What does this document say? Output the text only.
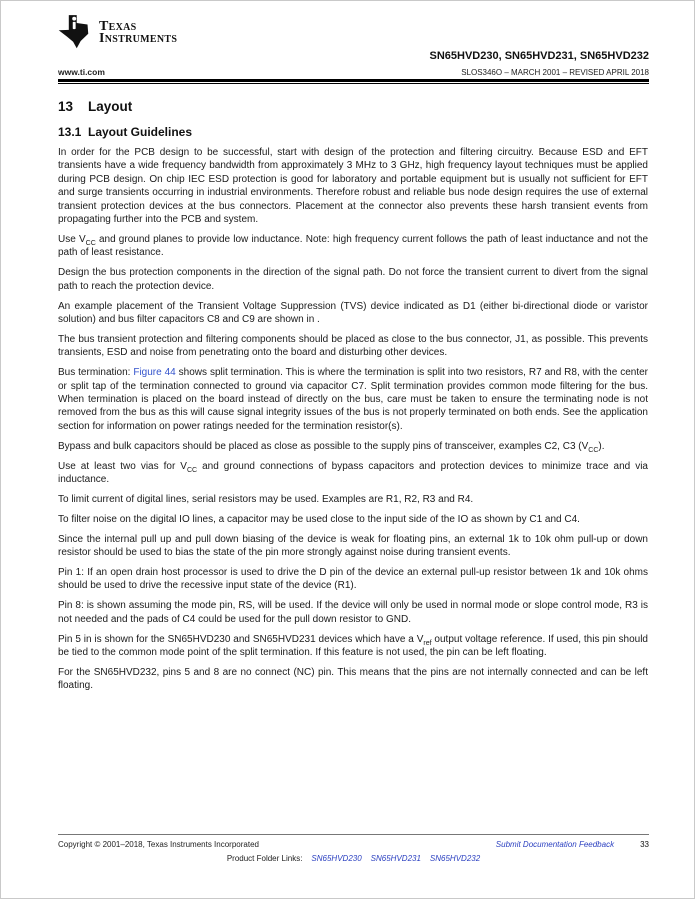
Texas
Instruments
SN65HVD230, SN65HVD231, SN65HVD232
www.ti.com	SLOS346O – MARCH 2001 – REVISED APRIL 2018
13 Layout
13.1 Layout Guidelines

In order for the PCB design to be successful, start with design of the protection and filtering circuitry. Because ESD and EFT transients have a wide frequency bandwidth from approximately 3 MHz to 3 GHz, high frequency layout techniques must be applied during PCB design. On chip IEC ESD protection is good for laboratory and portable equipment but is usually not sufficient for EFT and surge transients occurring in industrial environments. Therefore robust and reliable bus node design requires the use of external transient protection devices at the bus connectors. Placement at the connector also prevents these harsh transient events from propagating further into the PCB and system.

Use $V_{CC}$ and ground planes to provide low inductance. Note: high frequency current follows the path of least inductance and not the path of least resistance.

Design the bus protection components in the direction of the signal path. Do not force the transient current to divert from the signal path to reach the protection device.

An example placement of the Transient Voltage Suppression (TVS) device indicated as D1 (either bi-directional diode or varistor solution) and bus filter capacitors C8 and C9 are shown in .

The bus transient protection and filtering components should be placed as close to the bus connector, J1, as possible. This prevents transients, ESD and noise from penetrating onto the board and disturbing other devices.

Bus termination: Figure 44 shows split termination. This is where the termination is split into two resistors, R7 and R8, with the center or split tap of the termination connected to ground via capacitor C7. Split termination provides common mode filtering for the bus. When termination is placed on the board instead of directly on the bus, care must be taken to ensure the terminating node is not removed from the bus as this will cause signal integrity issues of the bus is not properly terminated on both ends. See the application section for information on power ratings needed for the termination resistor(s).

Bypass and bulk capacitors should be placed as close as possible to the supply pins of transceiver, examples C2, C3 $(V_{CC})$.

Use at least two vias for $V_{CC}$ and ground connections of bypass capacitors and protection devices to minimize trace and via inductance.

To limit current of digital lines, serial resistors may be used. Examples are R1, R2, R3 and R4.

To filter noise on the digital IO lines, a capacitor may be used close to the input side of the IO as shown by C1 and C4.

Since the internal pull up and pull down biasing of the device is weak for floating pins, an external 1k to 10k ohm pull-up or down resistor should be used to bias the state of the pin more strongly against noise during transient events.

Pin 1: If an open drain host processor is used to drive the D pin of the device an external pull-up resistor between 1k and 10k ohms should be used to drive the recessive input state of the device (R1).

Pin 8: is shown assuming the mode pin, RS, will be used. If the device will only be used in normal mode or slope control mode, R3 is not needed and the pads of C4 could be used for the pull down resistor to GND.

Pin 5 in is shown for the SN65HVD230 and SN65HVD231 devices which have a $V_{ref}$ output voltage reference. If used, this pin should be tied to the common mode point of the split termination. If this feature is not used, the pin can be left floating.

For the SN65HVD232, pins 5 and 8 are no connect (NC) pin. This means that the pins are not internally connected and can be left floating.

Copyright © 2001–2018, Texas Instruments Incorporated	Submit Documentation Feedback	33
Product Folder Links: SN65HVD230 SN65HVD231 SN65HVD232
